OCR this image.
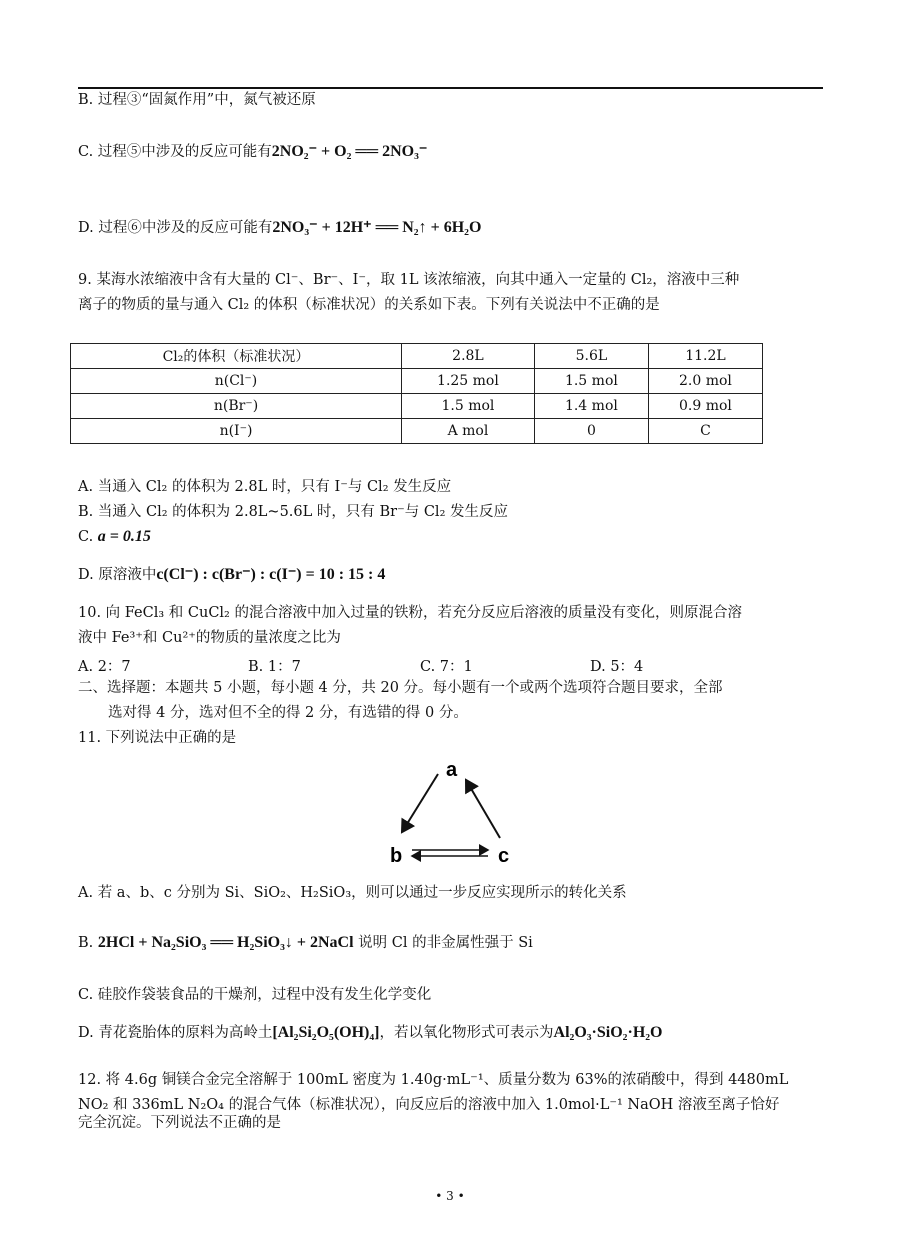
B. 过程③“固氮作用”中，氮气被还原
C. 过程⑤中涉及的反应可能有2NO₂⁻ + O₂ ══ 2NO₃⁻
D. 过程⑥中涉及的反应可能有2NO₃⁻ + 12H⁺ ══ N₂↑ + 6H₂O
9. 某海水浓缩液中含有大量的 Cl⁻、Br⁻、I⁻，取 1L 该浓缩液，向其中通入一定量的 Cl₂，溶液中三种
离子的物质的量与通入 Cl₂ 的体积（标准状况）的关系如下表。下列有关说法中不正确的是
Cl₂的体积（标准状况）	2.8L	5.6L	11.2L
n(Cl⁻)	1.25 mol	1.5 mol	2.0 mol
n(Br⁻)	1.5 mol	1.4 mol	0.9 mol
n(I⁻)	A mol	0	C
A. 当通入 Cl₂ 的体积为 2.8L 时，只有 I⁻与 Cl₂ 发生反应
B. 当通入 Cl₂ 的体积为 2.8L~5.6L 时，只有 Br⁻与 Cl₂ 发生反应
C. a = 0.15
D. 原溶液中c(Cl⁻) : c(Br⁻) : c(I⁻) = 10 : 15 : 4
10. 向 FeCl₃ 和 CuCl₂ 的混合溶液中加入过量的铁粉，若充分反应后溶液的质量没有变化，则原混合溶
液中 Fe³⁺和 Cu²⁺的物质的量浓度之比为
A. 2：7	B. 1：7	C. 7：1	D. 5：4
二、选择题：本题共 5 小题，每小题 4 分，共 20 分。每小题有一个或两个选项符合题目要求，全部
选对得 4 分，选对但不全的得 2 分，有选错的得 0 分。
11. 下列说法中正确的是
a
b	c
A. 若 a、b、c 分别为 Si、SiO₂、H₂SiO₃，则可以通过一步反应实现所示的转化关系
B. 2HCl + Na₂SiO₃ ══ H₂SiO₃↓ + 2NaCl 说明 Cl 的非金属性强于 Si
C. 硅胶作袋装食品的干燥剂，过程中没有发生化学变化
D. 青花瓷胎体的原料为高岭土[Al₂Si₂O₅(OH)₄]，若以氧化物形式可表示为Al₂O₃·SiO₂·H₂O
12. 将 4.6g 铜镁合金完全溶解于 100mL 密度为 1.40g·mL⁻¹、质量分数为 63%的浓硝酸中，得到 4480mL
NO₂ 和 336mL N₂O₄ 的混合气体（标准状况），向反应后的溶液中加入 1.0mol·L⁻¹ NaOH 溶液至离子恰好
完全沉淀。下列说法不正确的是
• 3 •
